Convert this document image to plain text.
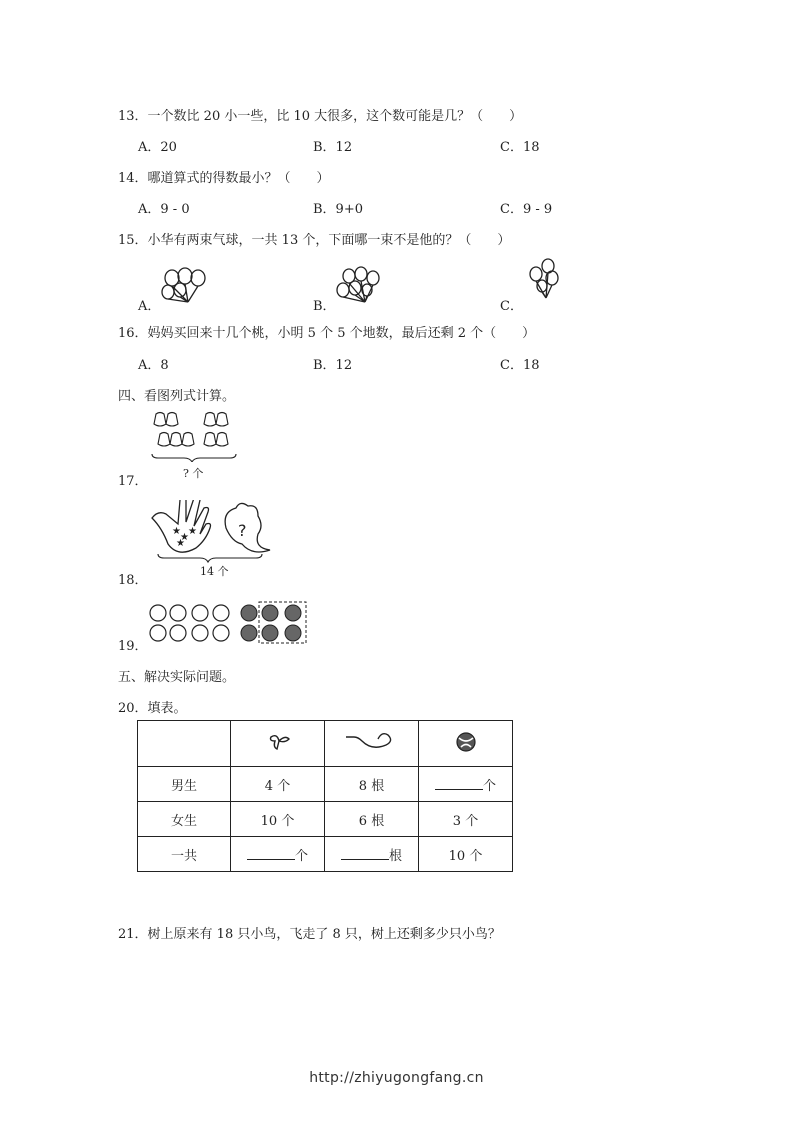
13．一个数比 20 小一些，比 10 大很多，这个数可能是几？（　　）
A．20	B．12	C．18
14．哪道算式的得数最小？（　　）
A．9 - 0	B．9+0	C．9 - 9
15．小华有两束气球，一共 13 个，下面哪一束不是他的？（　　）
A．	B．	C．
16．妈妈买回来十几个桃，小明 5 个 5 个地数，最后还剩 2 个（　　）
A．8	B．12	C．18
四、看图列式计算。
? 个
17．
★
★
★
★
?
14 个
18．
19．
五、解决实际问题。
20．填表。

男生	4 个	8 根	个
女生	10 个	6 根	3 个
一共	个	根	10 个
21．树上原来有 18 只小鸟，飞走了 8 只，树上还剩多少只小鸟？
http://zhiyugongfang.cn
